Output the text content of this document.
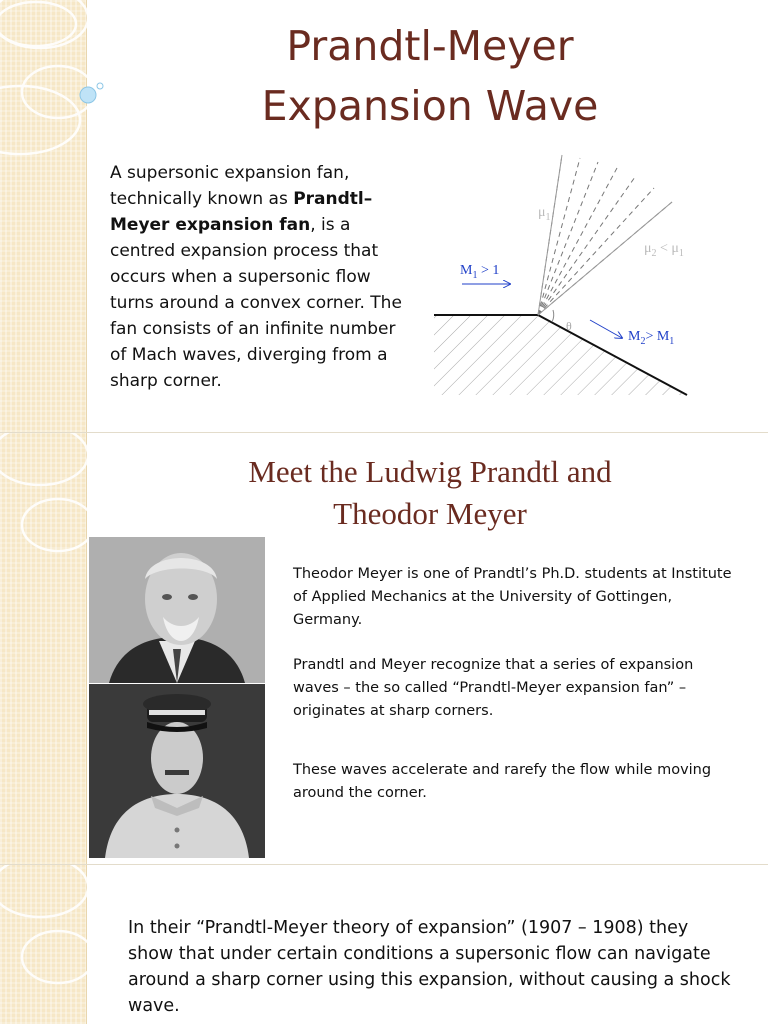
Prandtl-Meyer
Expansion Wave

A supersonic expansion fan, technically known as Prandtl–Meyer expansion fan, is a centred expansion process that occurs when a supersonic flow turns around a convex corner. The fan consists of an infinite number of Mach waves, diverging from a sharp corner.

$M_1 > 1$
$\mu_1$
$\mu_2 < \mu_1$
θ
$M_2> M_1$
Meet the Ludwig Prandtl and
Theodor Meyer

Theodor Meyer is one of Prandtl’s Ph.D. students at Institute of Applied Mechanics at the University of Gottingen, Germany.

Prandtl and Meyer recognize that a series of expansion waves – the so called “Prandtl-Meyer expansion fan” – originates at sharp corners.

These waves accelerate and rarefy the flow while moving around the corner.

In their “Prandtl-Meyer theory of expansion” (1907 – 1908) they show that under certain conditions a supersonic flow can navigate around a sharp corner using this expansion, without causing a shock wave.
